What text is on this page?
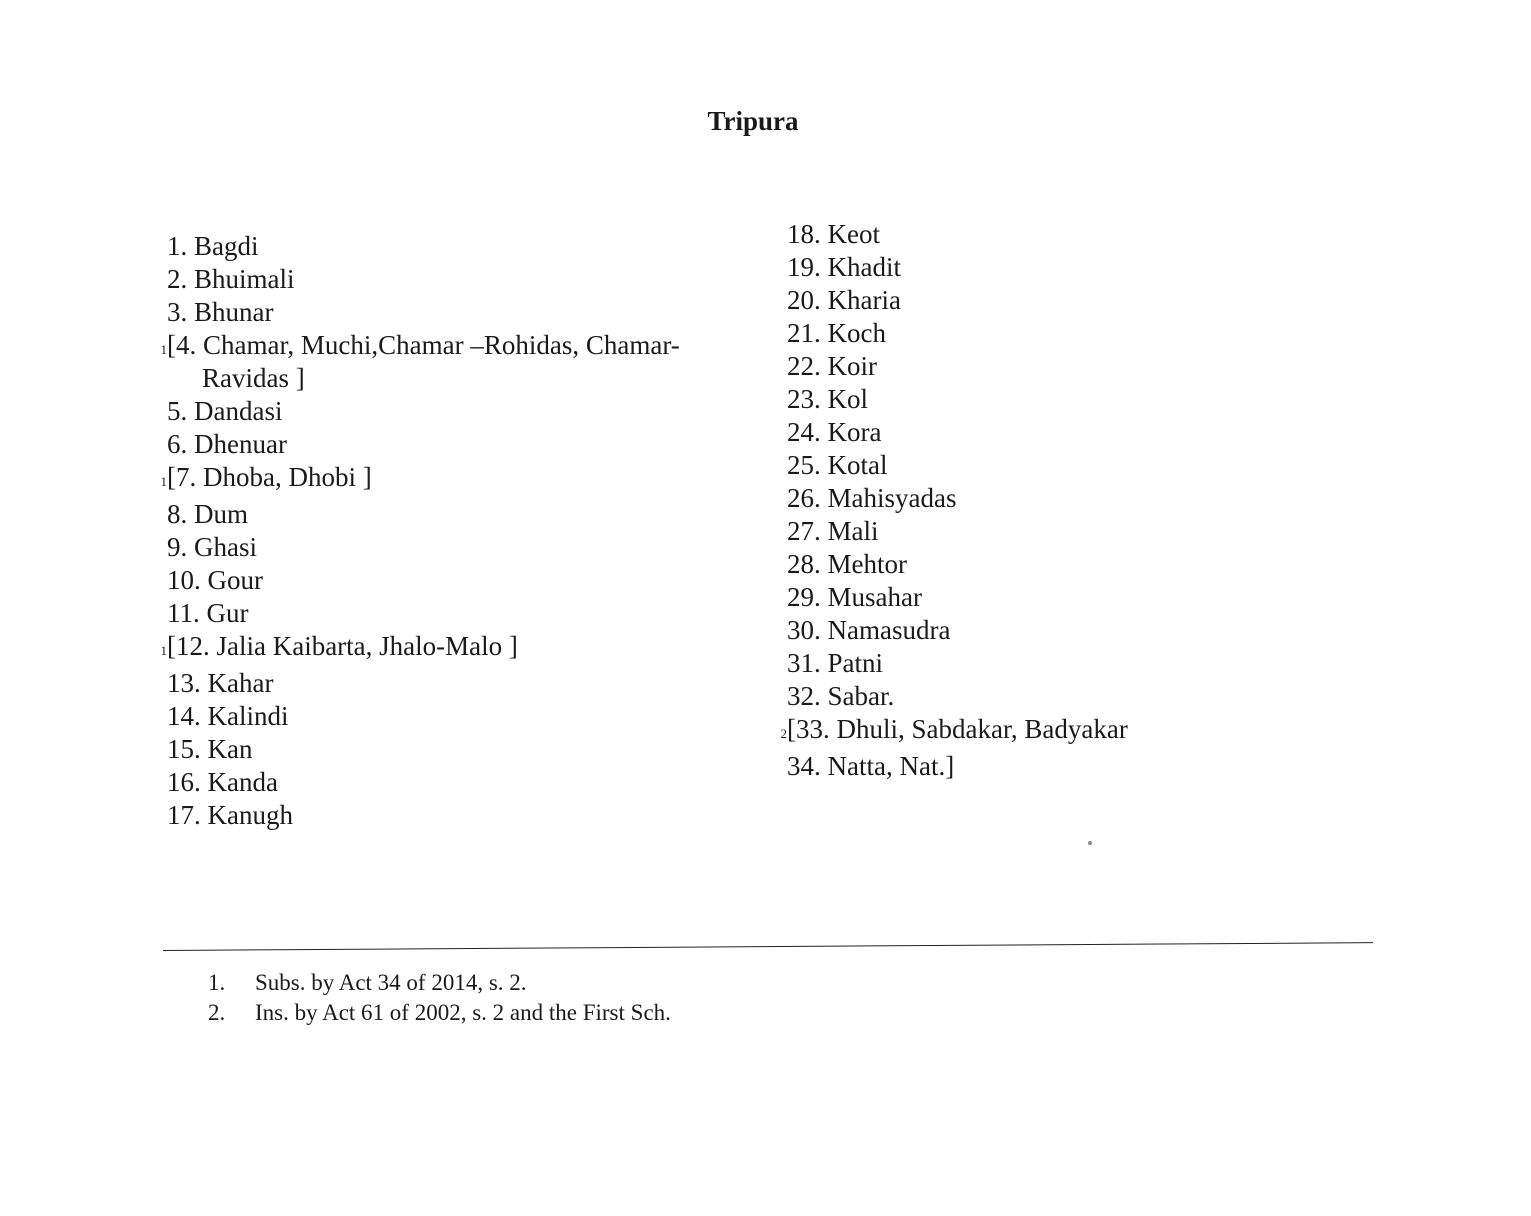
Tripura
1. Bagdi
2. Bhuimali
3. Bhunar
1[4. Chamar, Muchi,Chamar –Rohidas, Chamar-
Ravidas ]
5. Dandasi
6. Dhenuar
1[7. Dhoba, Dhobi ]
8. Dum
9. Ghasi
10. Gour
11. Gur
1[12. Jalia Kaibarta, Jhalo-Malo ]
13. Kahar
14. Kalindi
15. Kan
16. Kanda
17. Kanugh
18. Keot
19. Khadit
20. Kharia
21. Koch
22. Koir
23. Kol
24. Kora
25. Kotal
26. Mahisyadas
27. Mali
28. Mehtor
29. Musahar
30. Namasudra
31. Patni
32. Sabar.
2[33. Dhuli, Sabdakar, Badyakar
34. Natta, Nat.]
1. Subs. by Act 34 of 2014, s. 2.
2. Ins. by Act 61 of 2002, s. 2 and the First Sch.
